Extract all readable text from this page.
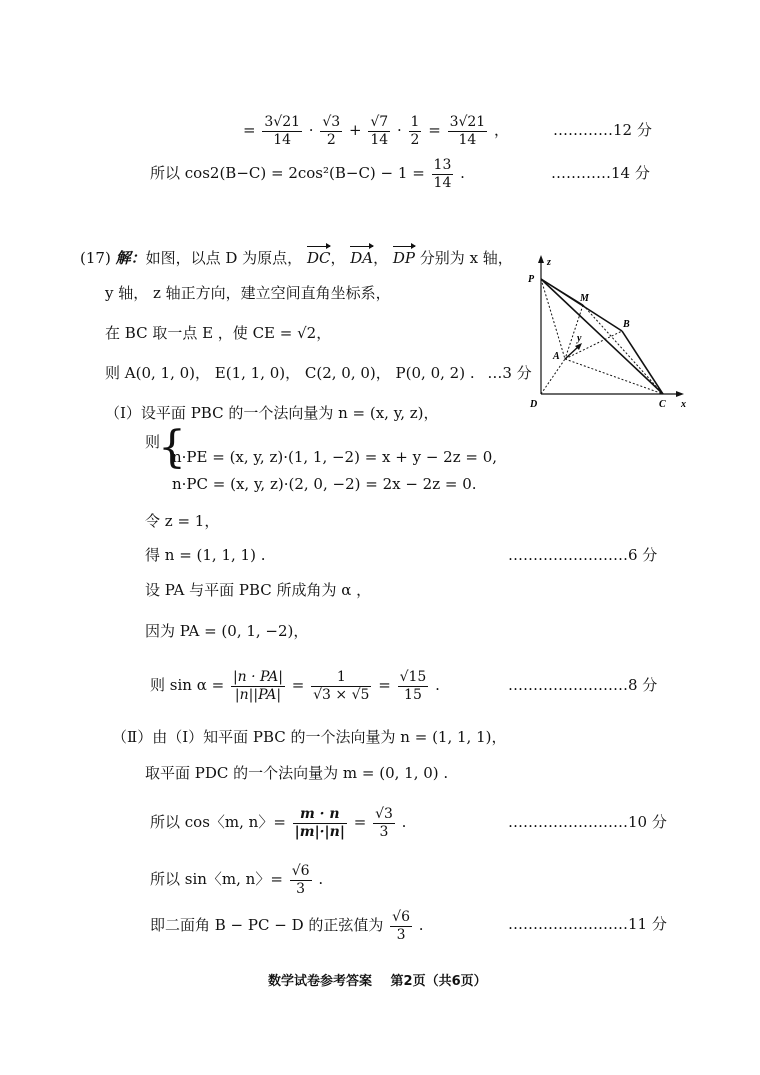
= $\frac{3√21}{14} \cdot \frac{√3}{2} + \frac{√7}{14} \cdot \frac{1}{2} = \frac{3√21}{14}$ ，	…………12 分
所以 $\cos 2(B-C) = 2\cos^2(B-C) - 1 = \frac{13}{14}$ .	…………14 分
(17) 解：如图，以点 D 为原点， DC， DA， DP 分别为 x 轴，
y 轴， z 轴正方向，建立空间直角坐标系，
在 BC 取一点 E ，使 CE = √2，
则 A(0, 1, 0)， E(1, 1, 0)， C(2, 0, 0)， P(0, 0, 2) . …3 分
z
P
M
B
A
y
D	C x
（Ⅰ）设平面 PBC 的一个法向量为 n = (x, y, z)，
则
{
n·PE = (x, y, z)·(1, 1, −2) = x + y − 2z = 0,
n·PC = (x, y, z)·(2, 0, −2) = 2x − 2z = 0.
令 z = 1，
得 n = (1, 1, 1) .	……………………6 分
设 PA 与平面 PBC 所成角为 α ，
因为 PA = (0, 1, −2)，
则 $\sin \alpha = \frac{|n \cdot PA|}{|n||PA|} = \frac{1}{√3 \times √5} = \frac{√15}{15}$ .	……………………8 分
（Ⅱ）由（Ⅰ）知平面 PBC 的一个法向量为 n = (1, 1, 1)，
取平面 PDC 的一个法向量为 m = (0, 1, 0) .
所以 cos〈m, n〉= $\frac{m \cdot n}{|m|\cdot|n|} = \frac{√3}{3}$ .	……………………10 分
所以 sin〈m, n〉= $\frac{√6}{3}$ .
即二面角 B − PC − D 的正弦值为 $\frac{√6}{3}$ .	……………………11 分
数学试卷参考答案 第2页（共6页）
